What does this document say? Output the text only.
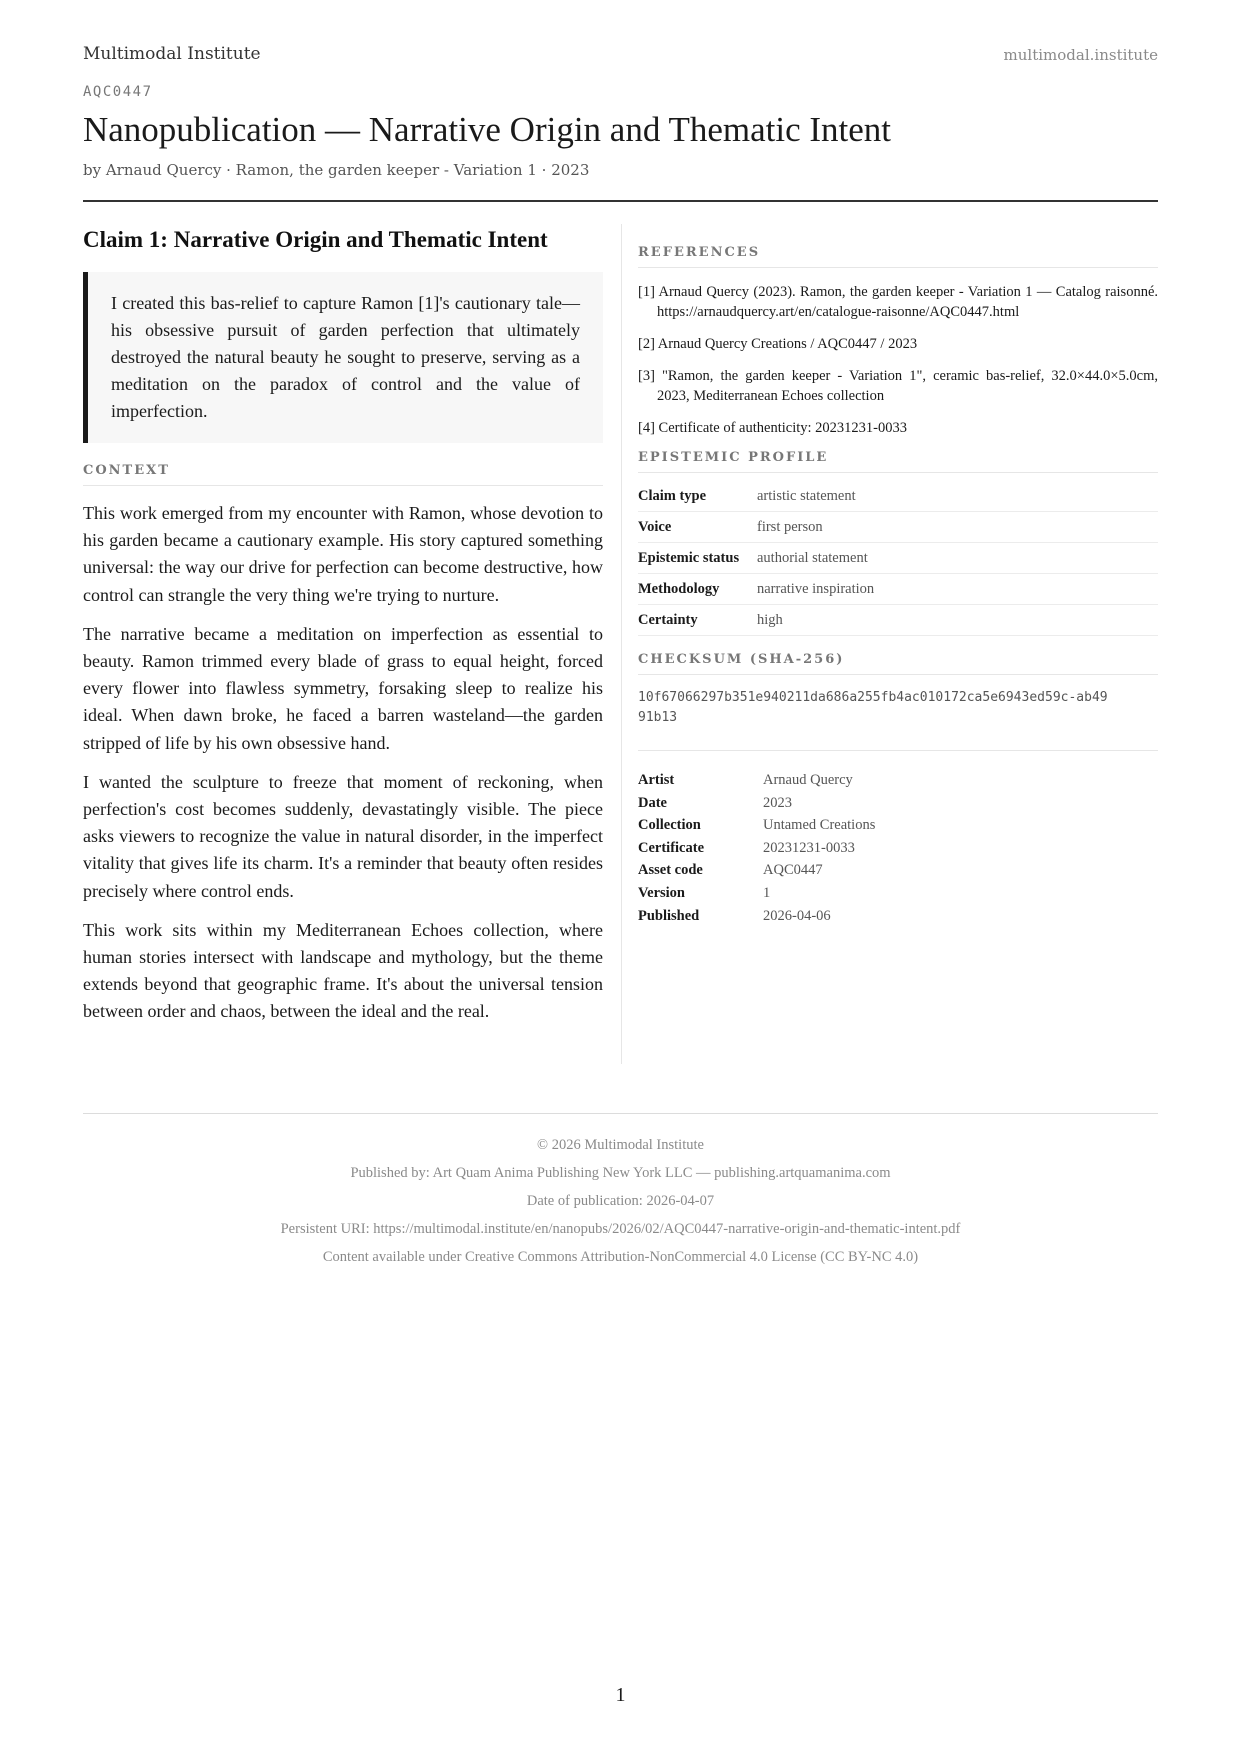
Multimodal Institute	multimodal.institute
AQC0447
Nanopublication — Narrative Origin and Thematic Intent
by Arnaud Quercy · Ramon, the garden keeper - Variation 1 · 2023
Claim 1: Narrative Origin and Thematic Intent
I created this bas-relief to capture Ramon [1]'s cautionary tale—his obsessive pursuit of garden perfection that ultimately destroyed the natural beauty he sought to preserve, serving as a meditation on the paradox of control and the value of imperfection.
CONTEXT

This work emerged from my encounter with Ramon, whose devotion to his garden became a cautionary example. His story captured something universal: the way our drive for perfection can become destructive, how control can strangle the very thing we're trying to nurture.

The narrative became a meditation on imperfection as essential to beauty. Ramon trimmed every blade of grass to equal height, forced every flower into flawless symmetry, forsaking sleep to realize his ideal. When dawn broke, he faced a barren wasteland—the garden stripped of life by his own obsessive hand.

I wanted the sculpture to freeze that moment of reckoning, when perfection's cost becomes suddenly, devastatingly visible. The piece asks viewers to recognize the value in natural disorder, in the imperfect vitality that gives life its charm. It's a reminder that beauty often resides precisely where control ends.

This work sits within my Mediterranean Echoes collection, where human stories intersect with landscape and mythology, but the theme extends beyond that geographic frame. It's about the universal tension between order and chaos, between the ideal and the real.

REFERENCES
[1] Arnaud Quercy (2023). Ramon, the garden keeper - Variation 1 — Catalog raisonné. https://arnaudquercy.art/en/catalogue-raisonne/AQC0447.html
[2] Arnaud Quercy Creations / AQC0447 / 2023
[3] "Ramon, the garden keeper - Variation 1", ceramic bas-relief, 32.0×44.0×5.0cm, 2023, Mediterranean Echoes collection
[4] Certificate of authenticity: 20231231-0033
EPISTEMIC PROFILE
Claim type	artistic statement
Voice	first person
Epistemic status	authorial statement
Methodology	narrative inspiration
Certainty	high
CHECKSUM (SHA-256)
10f67066297b351e940211da686a255fb4ac010172ca5e6943ed59c-ab4991b13
Artist	Arnaud Quercy
Date	2023
Collection	Untamed Creations
Certificate	20231231-0033
Asset code	AQC0447
Version	1
Published	2026-04-06
© 2026 Multimodal Institute
Published by: Art Quam Anima Publishing New York LLC — publishing.artquamanima.com
Date of publication: 2026-04-07
Persistent URI: https://multimodal.institute/en/nanopubs/2026/02/AQC0447-narrative-origin-and-thematic-intent.pdf
Content available under Creative Commons Attribution-NonCommercial 4.0 License (CC BY-NC 4.0)
1
